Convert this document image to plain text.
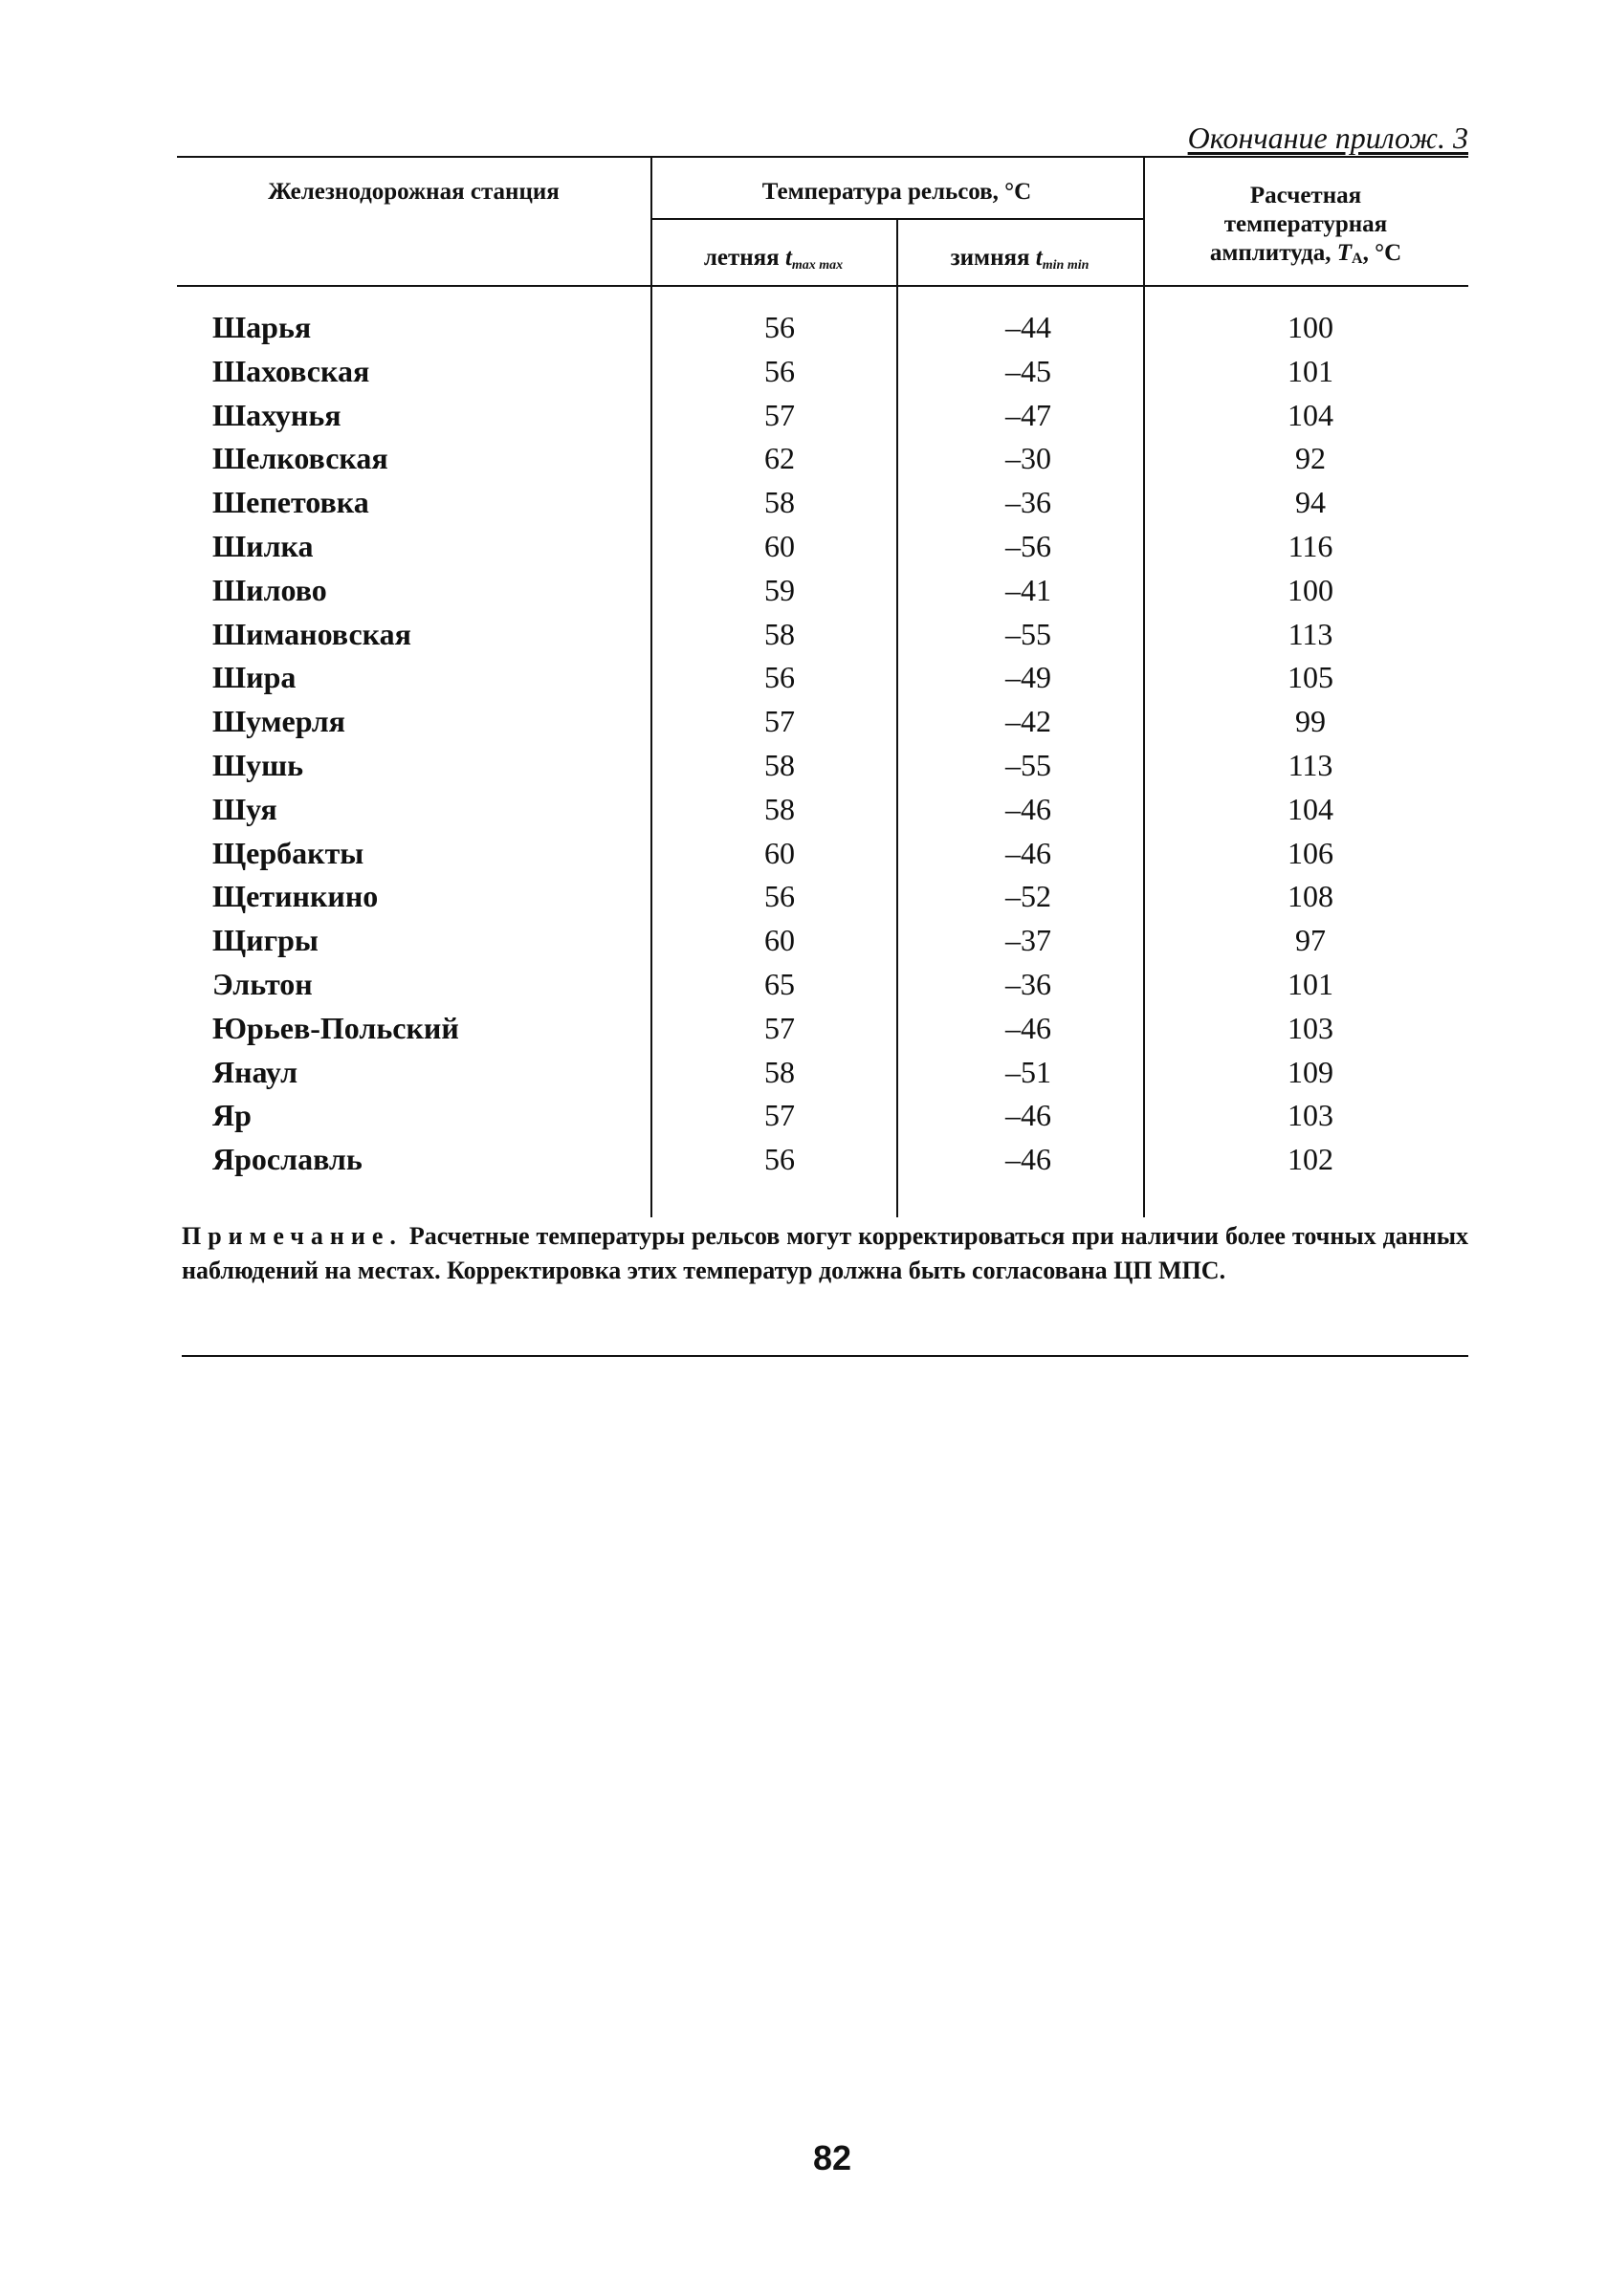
Окончание прилож. 3
Железнодорожная станция	Температура рельсов, °C
летняя $t_{max max}$	зимняя $t_{min min}$
Расчетная
температурная
амплитуда, TA, °C
Шарья	56	–44	100
Шаховская	56	–45	101
Шахунья	57	–47	104
Шелковская	62	–30	92
Шепетовка	58	–36	94
Шилка	60	–56	116
Шилово	59	–41	100
Шимановская	58	–55	113
Шира	56	–49	105
Шумерля	57	–42	99
Шушь	58	–55	113
Шуя	58	–46	104
Щербакты	60	–46	106
Щетинкино	56	–52	108
Щигры	60	–37	97
Эльтон	65	–36	101
Юрьев-Польский	57	–46	103
Янаул	58	–51	109
Яр	57	–46	103
Ярославль	56	–46	102
Примечание. Расчетные температуры рельсов могут корректироваться при наличии более точных данных наблюдений на местах. Корректировка этих температур должна быть согласована ЦП МПС.
82
